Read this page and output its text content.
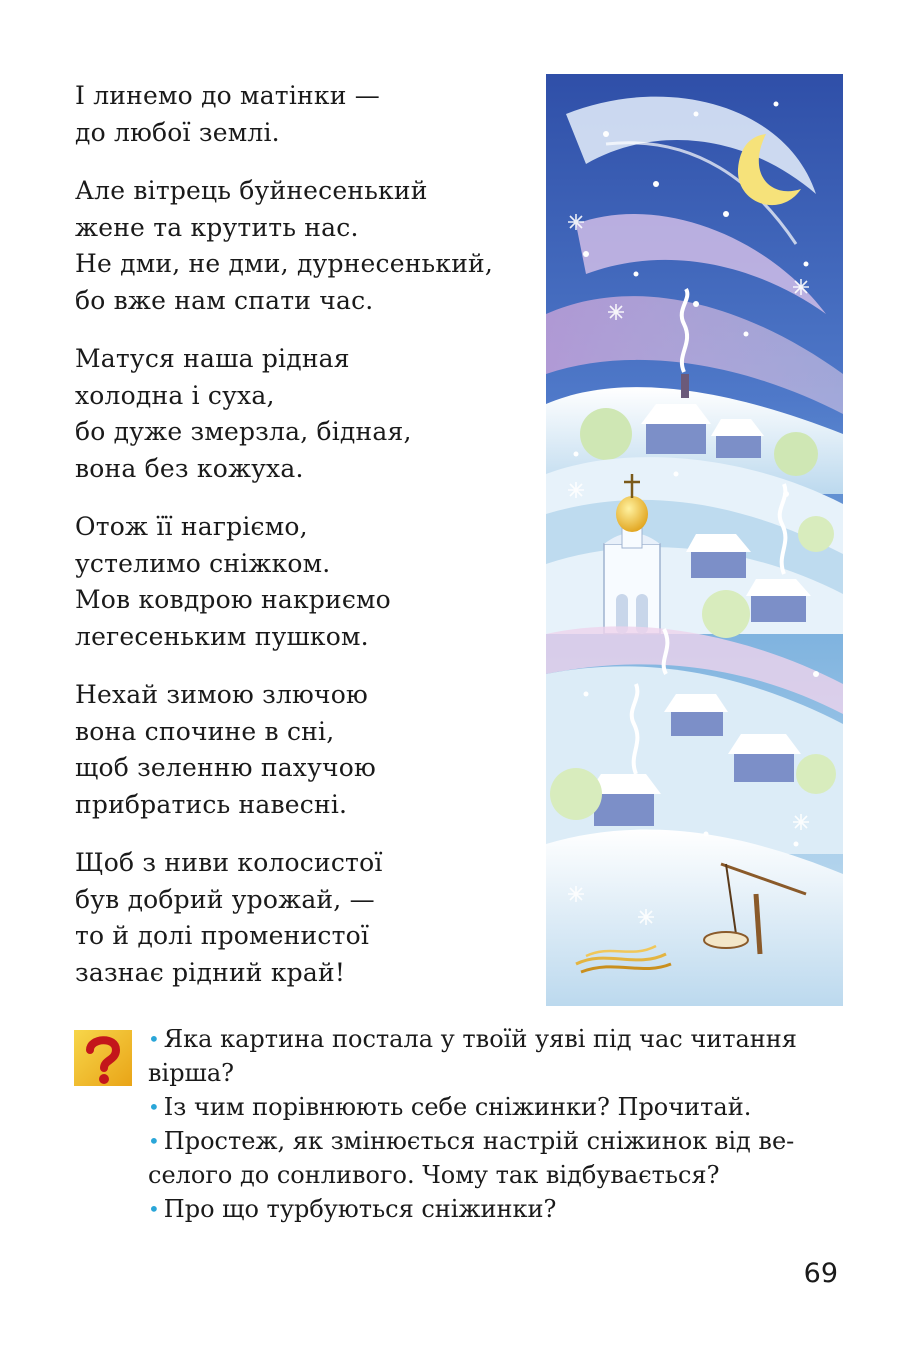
І линемо до матінки —
до любої землі.
Але вітрець буйнесенький
жене та крутить нас.
Не дми, не дми, дурнесенький,
бо вже нам спати час.
Матуся наша рідная
холодна і суха,
бо дуже змерзла, бідная,
вона без кожуха.
Отож її нагріємо,
устелимо сніжком.
Мов ковдрою накриємо
легесеньким пушком.
Нехай зимою злючою
вона спочине в сні,
щоб зеленню пахучою
прибратись навесні.
Щоб з ниви колосистої
був добрий урожай, —
то й долі променистої
зазнає рідний край!
• Яка картина постала у твоїй уяві під час читання
вірша?
• Із чим порівнюють себе сніжинки? Прочитай.
• Простеж, як змінюється настрій сніжинок від ве-
селого до сонливого. Чому так відбувається?
• Про що турбуються сніжинки?
69
